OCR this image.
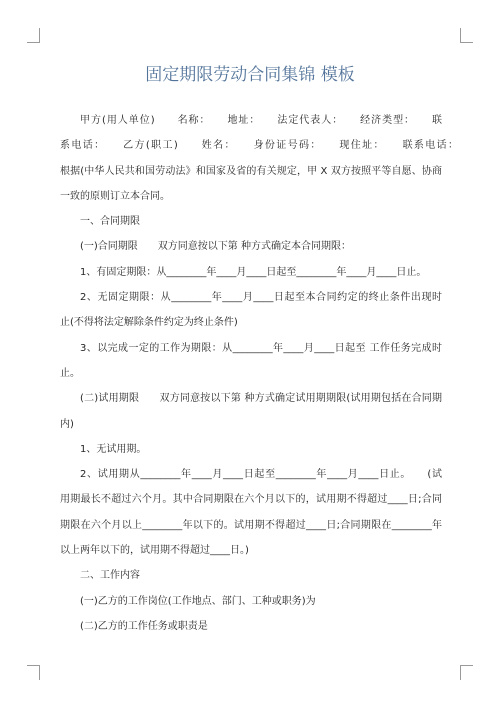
固定期限劳动合同集锦 模板
甲方(用人单位)　　名称：　　地址：　　法定代表人：　　经济类型：　　联
系电话：　　乙方(职工)　　姓名：　　身份证号码：　　现住址：　　联系电话：
根据(中华人民共和国劳动法》和国家及省的有关规定，甲 X 双方按照平等自愿、协商
一致的原则订立本合同。
一、合同期限
(一)合同期限　　双方同意按以下第 种方式确定本合同期限：
1、有固定期限：从________年____月____日起至________年____月____日止。
2、无固定期限：从________年____月____日起至本合同约定的终止条件出现时
止(不得将法定解除条件约定为终止条件)
3、以完成一定的工作为期限：从________年____月____日起至 工作任务完成时
止。
(二)试用期限　　双方同意按以下第 种方式确定试用期期限(试用期包括在合同期
内)
1、无试用期。
2、试用期从________年____月____日起至________年____月____日止。　　(试
用期最长不超过六个月。其中合同期限在六个月以下的，试用期不得超过____日;合同
期限在六个月以上________年以下的。试用期不得超过____日;合同期限在________年
以上两年以下的，试用期不得超过____日。)
二、工作内容
(一)乙方的工作岗位(工作地点、部门、工种或职务)为
(二)乙方的工作任务或职责是
